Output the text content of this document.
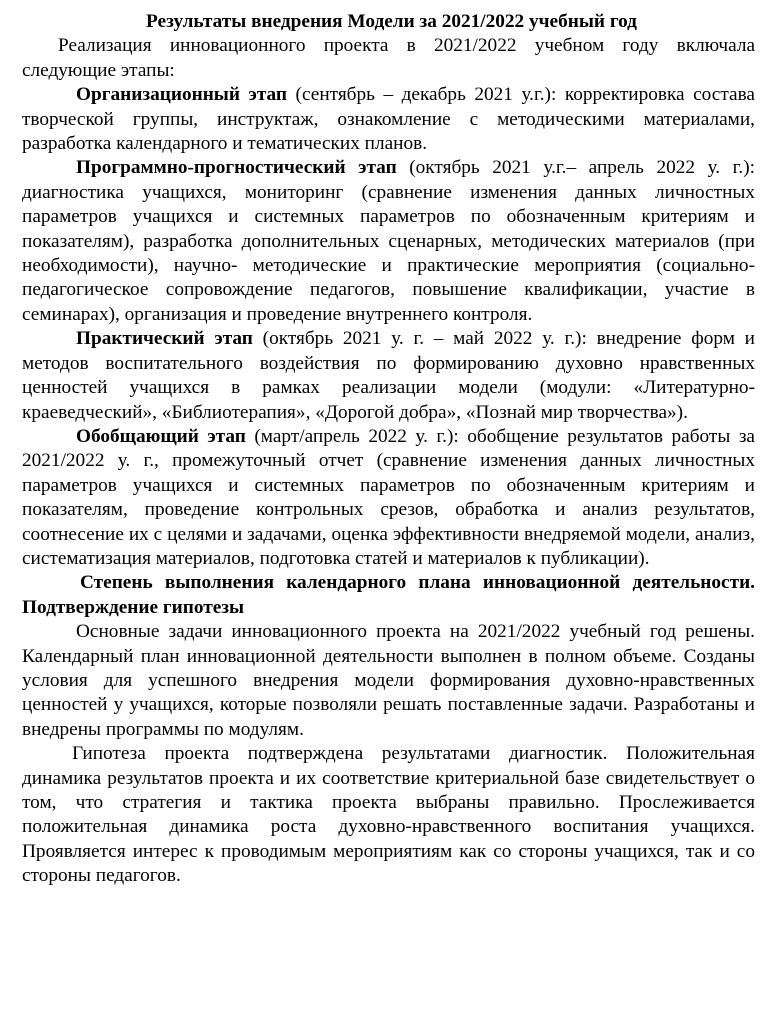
Результаты внедрения Модели за 2021/2022 учебный год

Реализация инновационного проекта в 2021/2022 учебном году включала следующие этапы:

Организационный этап (сентябрь – декабрь 2021 у.г.): корректировка состава творческой группы, инструктаж, ознакомление с методическими материалами, разработка календарного и тематических планов.

Программно-прогностический этап (октябрь 2021 у.г.– апрель 2022 у. г.): диагностика учащихся, мониторинг (сравнение изменения данных личностных параметров учащихся и системных параметров по обозначенным критериям и показателям), разработка дополнительных сценарных, методических материалов (при необходимости), научно- методические и практические мероприятия (социально-педагогическое сопровождение педагогов, повышение квалификации, участие в семинарах), организация и проведение внутреннего контроля.

Практический этап (октябрь 2021 у. г. – май 2022 у. г.): внедрение форм и методов воспитательного воздействия по формированию духовно нравственных ценностей учащихся в рамках реализации модели (модули: «Литературно-краеведческий», «Библиотерапия», «Дорогой добра», «Познай мир творчества»).

Обобщающий этап (март/апрель 2022 у. г.): обобщение результатов работы за 2021/2022 у. г., промежуточный отчет (сравнение изменения данных личностных параметров учащихся и системных параметров по обозначенным критериям и показателям, проведение контрольных срезов, обработка и анализ результатов, соотнесение их с целями и задачами, оценка эффективности внедряемой модели, анализ, систематизация материалов, подготовка статей и материалов к публикации).

Степень выполнения календарного плана инновационной деятельности. Подтверждение гипотезы

Основные задачи инновационного проекта на 2021/2022 учебный год решены. Календарный план инновационной деятельности выполнен в полном объеме. Созданы условия для успешного внедрения модели формирования духовно-нравственных ценностей у учащихся, которые позволяли решать поставленные задачи. Разработаны и внедрены программы по модулям.

Гипотеза проекта подтверждена результатами диагностик. Положительная динамика результатов проекта и их соответствие критериальной базе свидетельствует о том, что стратегия и тактика проекта выбраны правильно. Прослеживается положительная динамика роста духовно-нравственного воспитания учащихся. Проявляется интерес к проводимым мероприятиям как со стороны учащихся, так и со стороны педагогов.
